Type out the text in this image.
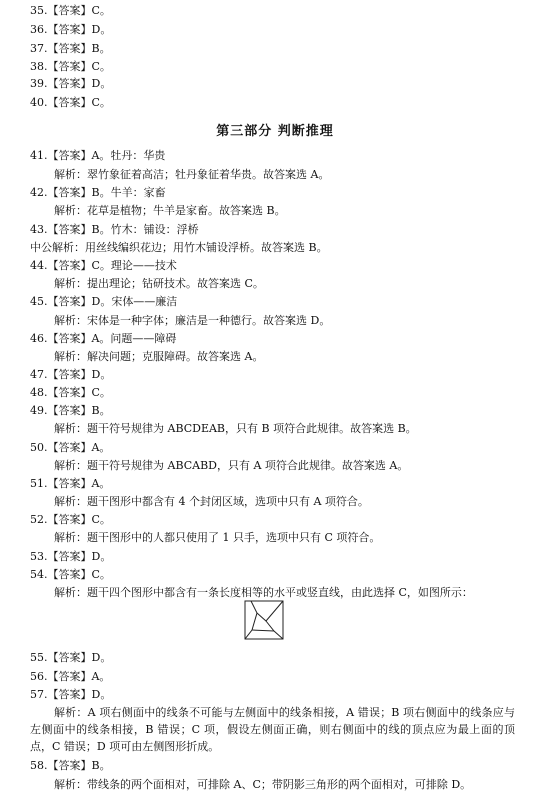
35.【答案】C。
36.【答案】D。
37.【答案】B。
38.【答案】C。
39.【答案】D。
40.【答案】C。
第三部分 判断推理
41.【答案】A。牡丹：华贵
解析：翠竹象征着高洁；牡丹象征着华贵。故答案选 A。
42.【答案】B。牛羊：家畜
解析：花草是植物；牛羊是家畜。故答案选 B。
43.【答案】B。竹木：铺设：浮桥
中公解析：用丝线编织花边；用竹木铺设浮桥。故答案选 B。
44.【答案】C。理论——技术
解析：提出理论；钻研技术。故答案选 C。
45.【答案】D。宋体——廉洁
解析：宋体是一种字体；廉洁是一种德行。故答案选 D。
46.【答案】A。问题——障碍
解析：解决问题；克服障碍。故答案选 A。
47.【答案】D。
48.【答案】C。
49.【答案】B。
解析：题干符号规律为 ABCDEAB，只有 B 项符合此规律。故答案选 B。
50.【答案】A。
解析：题干符号规律为 ABCABD，只有 A 项符合此规律。故答案选 A。
51.【答案】A。
解析：题干图形中都含有 4 个封闭区域，选项中只有 A 项符合。
52.【答案】C。
解析：题干图形中的人都只使用了 1 只手，选项中只有 C 项符合。
53.【答案】D。
54.【答案】C。
解析：题干四个图形中都含有一条长度相等的水平或竖直线，由此选择 C，如图所示：
55.【答案】D。
56.【答案】A。
57.【答案】D。
解析：A 项右侧面中的线条不可能与左侧面中的线条相接，A 错误；B 项右侧面中的线条应与左侧面中的线条相接，B 错误；C 项，假设左侧面正确，则右侧面中的线的顶点应为最上面的顶点，C 错误；D 项可由左侧图形折成。
58.【答案】B。
解析：带线条的两个面相对，可排除 A、C；带阴影三角形的两个面相对，可排除 D。
